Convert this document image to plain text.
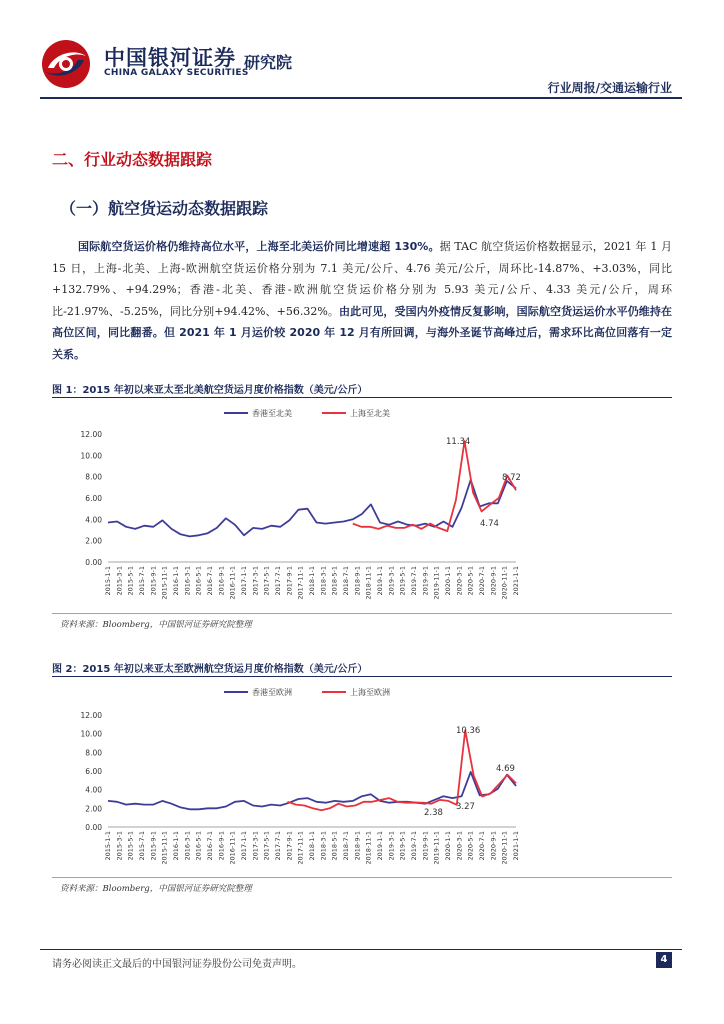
中国银河证券
CHINA GALAXY SECURITIES
研究院
行业周报/交通运输行业
二、行业动态数据跟踪
（一）航空货运动态数据跟踪
国际航空货运价格仍维持高位水平，上海至北美运价同比增速超 130%。据 TAC 航空货运价格数据显示，2021 年 1 月 15 日，上海-北美、上海-欧洲航空货运价格分别为 7.1 美元/公斤、4.76 美元/公斤，周环比-14.87%、+3.03%，同比+132.79%、+94.29%；香港-北美、香港-欧洲航空货运价格分别为 5.93 美元/公斤、4.33 美元/公斤，周环比-21.97%、-5.25%，同比分别+94.42%、+56.32%。由此可见，受国内外疫情反复影响，国际航空货运运价水平仍维持在高位区间，同比翻番。但 2021 年 1 月运价较 2020 年 12 月有所回调，与海外圣诞节高峰过后，需求环比高位回落有一定关系。
图 1：2015 年初以来亚太至北美航空货运月度价格指数（美元/公斤）
香港至北美	上海至北美
0.00
2.00
4.00
6.00
8.00
10.00
12.00
2015-1-1 2015-3-1 2015-5-1 2015-7-1 2015-9-1 2015-11-1 2016-1-1 2016-3-1 2016-5-1 2016-7-1 2016-9-1 2016-11-1 2017-1-1 2017-3-1 2017-5-1 2017-7-1 2017-9-1 2017-11-1 2018-1-1 2018-3-1 2018-5-1 2018-7-1 2018-9-1 2018-11-1 2019-1-1 2019-3-1 2019-5-1 2019-7-1 2019-9-1 2019-11-1 2020-1-1 2020-3-1 2020-5-1 2020-7-1 2020-9-1 2020-11-1 2021-1-1
11.34
8.72
4.74
资料来源：Bloomberg，中国银河证券研究院整理
图 2：2015 年初以来亚太至欧洲航空货运月度价格指数（美元/公斤）
香港至欧洲	上海至欧洲
0.00
2.00
4.00
6.00
8.00
10.00
12.00
2015-1-1 2015-3-1 2015-5-1 2015-7-1 2015-9-1 2015-11-1 2016-1-1 2016-3-1 2016-5-1 2016-7-1 2016-9-1 2016-11-1 2017-1-1 2017-3-1 2017-5-1 2017-7-1 2017-9-1 2017-11-1 2018-1-1 2018-3-1 2018-5-1 2018-7-1 2018-9-1 2018-11-1 2019-1-1 2019-3-1 2019-5-1 2019-7-1 2019-9-1 2019-11-1 2020-1-1 2020-3-1 2020-5-1 2020-7-1 2020-9-1 2020-11-1 2021-1-1
10.36
2.38
3.27
4.69
资料来源：Bloomberg，中国银河证券研究院整理
请务必阅读正文最后的中国银河证券股份公司免责声明。	4
